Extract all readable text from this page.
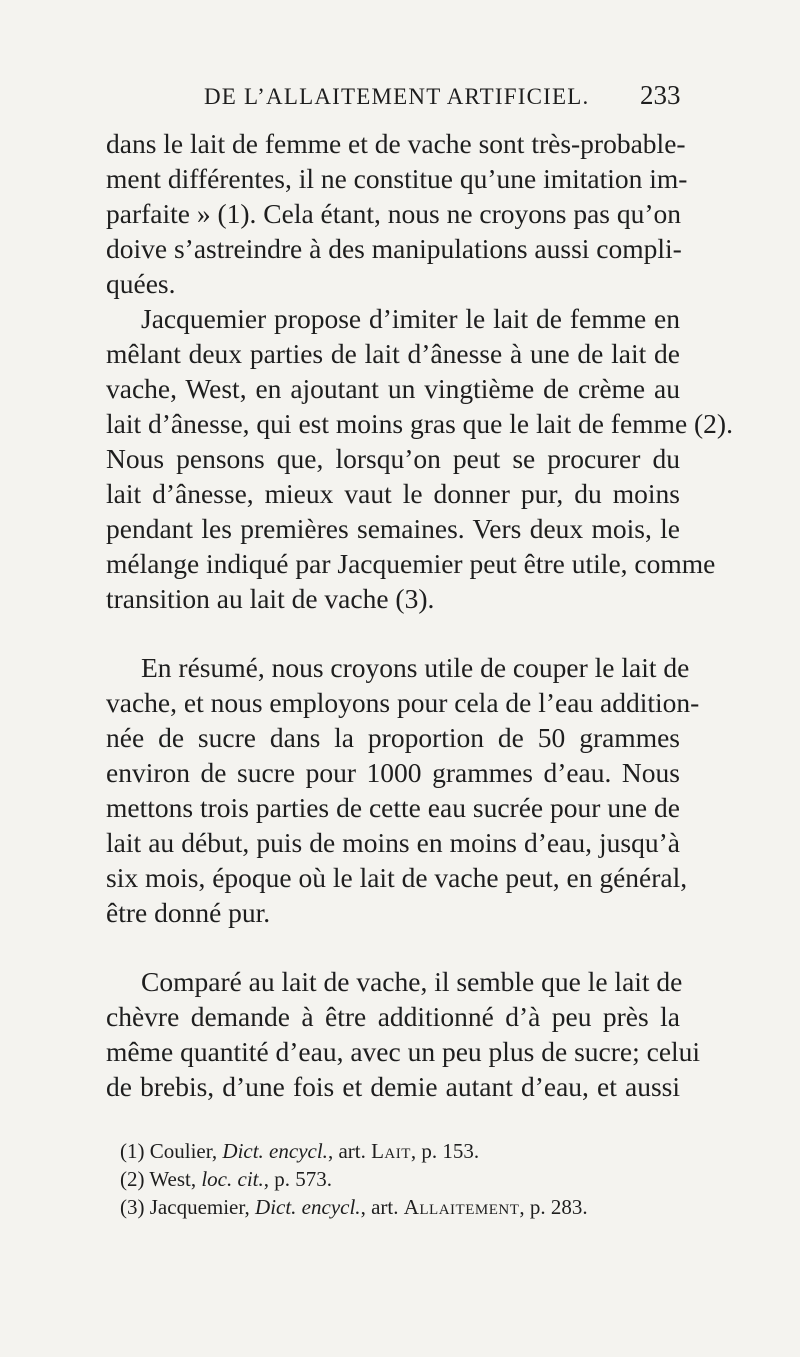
DE L’ALLAITEMENT ARTIFICIEL. 233
dans le lait de femme et de vache sont très-probable-
ment différentes, il ne constitue qu’une imitation im-
parfaite » (1). Cela étant, nous ne croyons pas qu’on
doive s’astreindre à des manipulations aussi compli-
quées.
Jacquemier propose d’imiter le lait de femme en
mêlant deux parties de lait d’ânesse à une de lait de
vache, West, en ajoutant un vingtième de crème au
lait d’ânesse, qui est moins gras que le lait de femme (2).
Nous pensons que, lorsqu’on peut se procurer du
lait d’ânesse, mieux vaut le donner pur, du moins
pendant les premières semaines. Vers deux mois, le
mélange indiqué par Jacquemier peut être utile, comme
transition au lait de vache (3).
En résumé, nous croyons utile de couper le lait de
vache, et nous employons pour cela de l’eau addition-
née de sucre dans la proportion de 50 grammes
environ de sucre pour 1000 grammes d’eau. Nous
mettons trois parties de cette eau sucrée pour une de
lait au début, puis de moins en moins d’eau, jusqu’à
six mois, époque où le lait de vache peut, en général,
être donné pur.
Comparé au lait de vache, il semble que le lait de
chèvre demande à être additionné d’à peu près la
même quantité d’eau, avec un peu plus de sucre; celui
de brebis, d’une fois et demie autant d’eau, et aussi
(1) Coulier, Dict. encycl., art. Lait, p. 153.
(2) West, loc. cit., p. 573.
(3) Jacquemier, Dict. encycl., art. Allaitement, p. 283.
